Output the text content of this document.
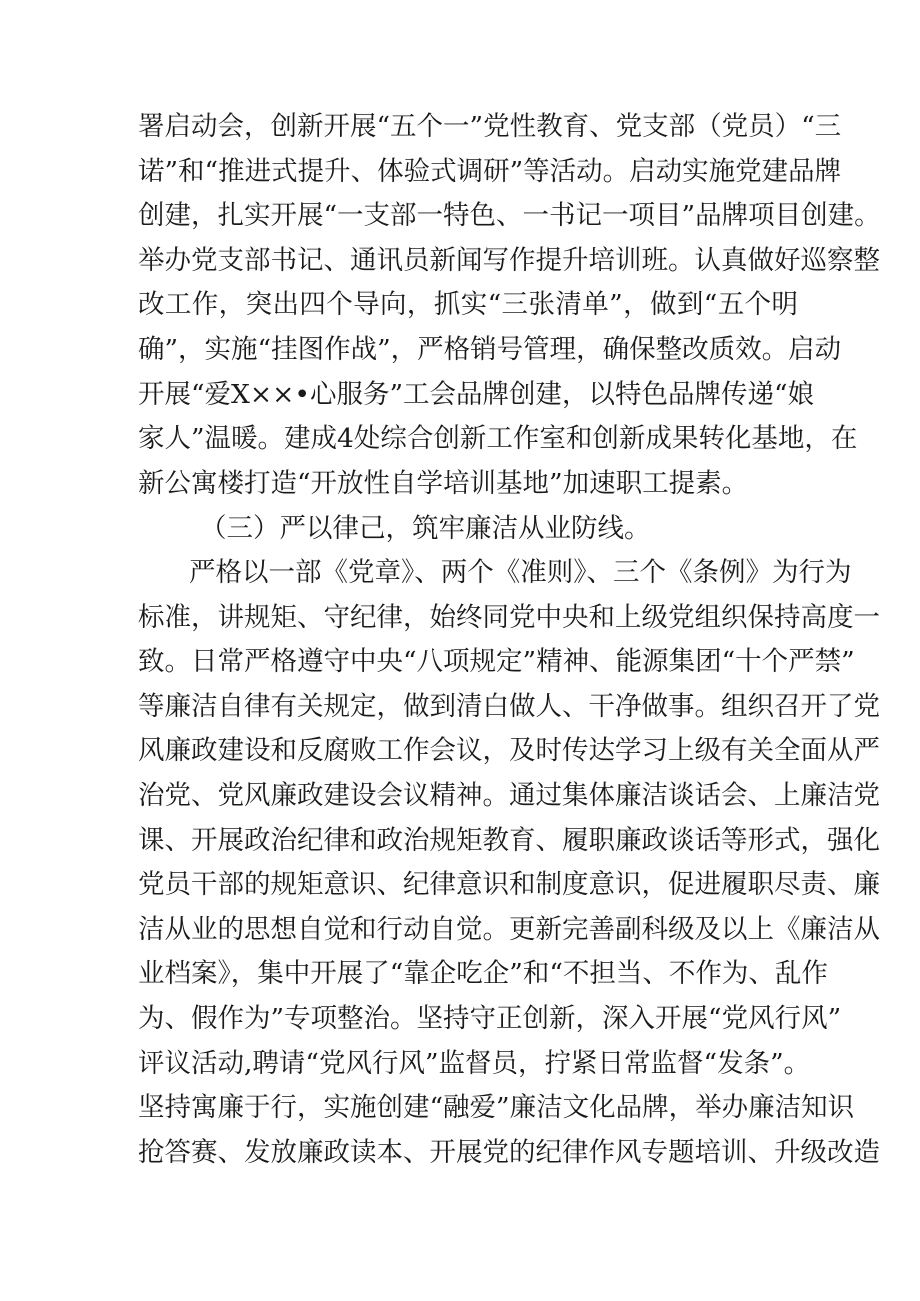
署启动会，创新开展“五个一”党性教育、党支部（党员）“三
诺”和“推进式提升、体验式调研”等活动。启动实施党建品牌
创建，扎实开展“一支部一特色、一书记一项目”品牌项目创建。
举办党支部书记、通讯员新闻写作提升培训班。认真做好巡察整
改工作，突出四个导向，抓实“三张清单”，做到“五个明
确”，实施“挂图作战”，严格销号管理，确保整改质效。启动
开展“爱X××•心服务”工会品牌创建，以特色品牌传递“娘
家人”温暖。建成4处综合创新工作室和创新成果转化基地，在
新公寓楼打造“开放性自学培训基地”加速职工提素。
（三）严以律己，筑牢廉洁从业防线。
严格以一部《党章》、两个《准则》、三个《条例》为行为
标准，讲规矩、守纪律，始终同党中央和上级党组织保持高度一
致。日常严格遵守中央“八项规定”精神、能源集团“十个严禁”
等廉洁自律有关规定，做到清白做人、干净做事。组织召开了党
风廉政建设和反腐败工作会议，及时传达学习上级有关全面从严
治党、党风廉政建设会议精神。通过集体廉洁谈话会、上廉洁党
课、开展政治纪律和政治规矩教育、履职廉政谈话等形式，强化
党员干部的规矩意识、纪律意识和制度意识，促进履职尽责、廉
洁从业的思想自觉和行动自觉。更新完善副科级及以上《廉洁从
业档案》，集中开展了“靠企吃企”和“不担当、不作为、乱作
为、假作为”专项整治。坚持守正创新，深入开展“党风行风”
评议活动,聘请“党风行风”监督员，拧紧日常监督“发条”。
坚持寓廉于行，实施创建“融爱”廉洁文化品牌，举办廉洁知识
抢答赛、发放廉政读本、开展党的纪律作风专题培训、升级改造
